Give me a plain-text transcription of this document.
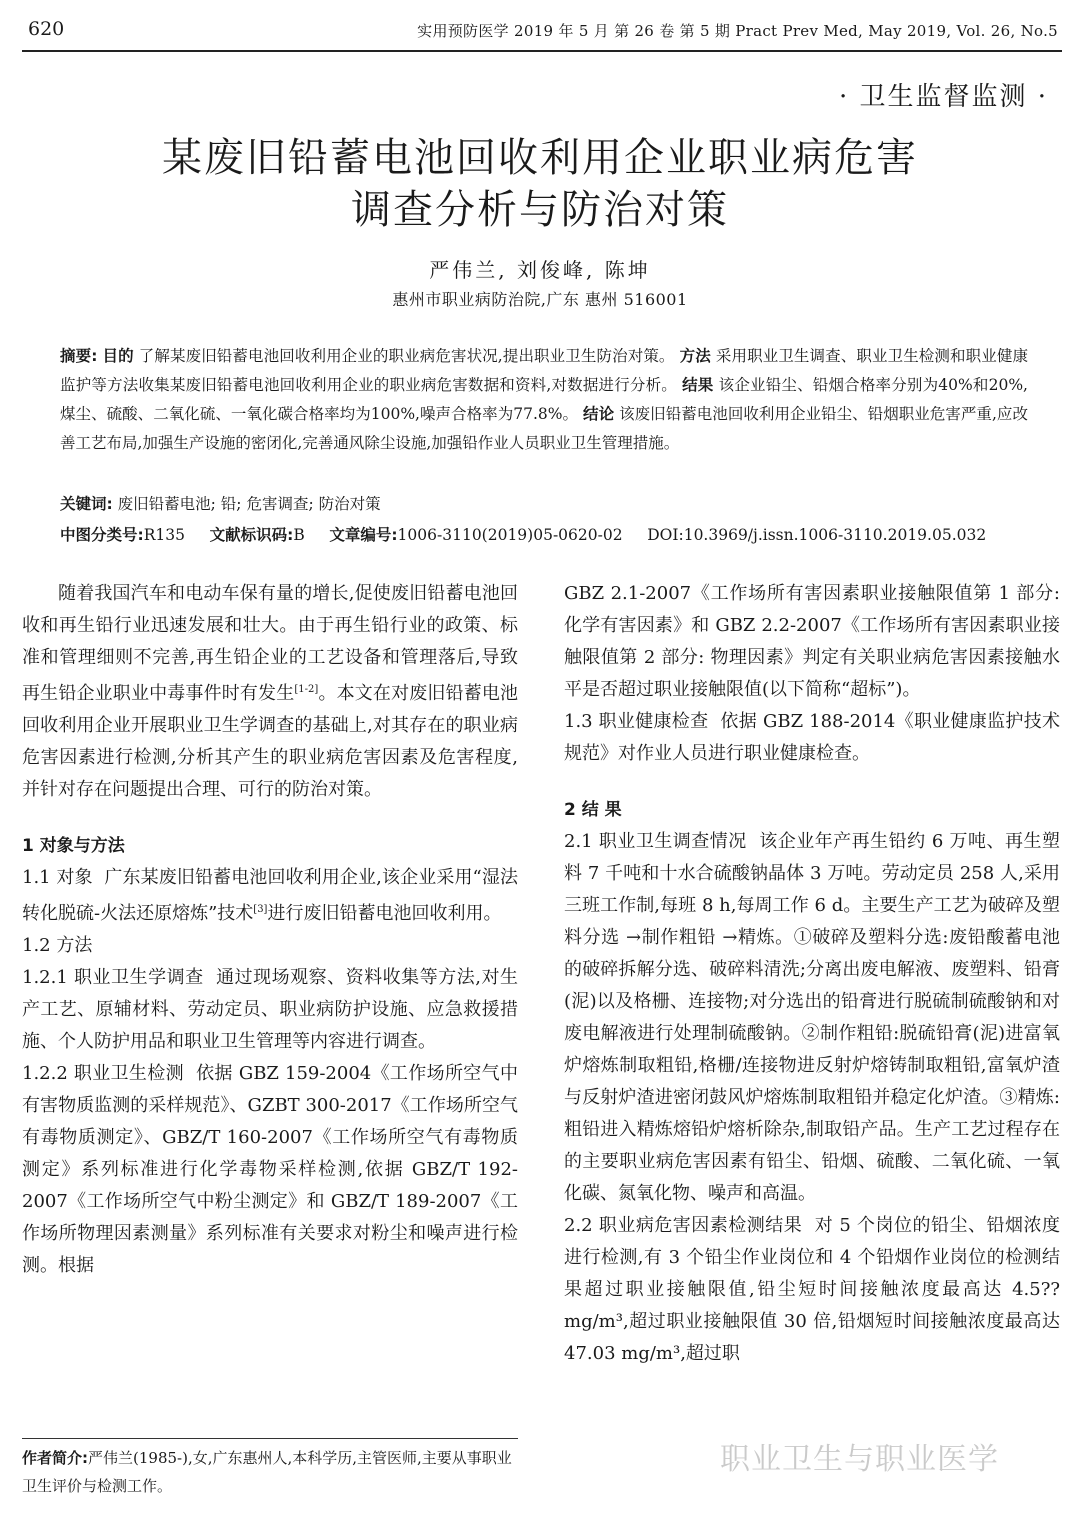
620	实用预防医学 2019 年 5 月 第 26 卷 第 5 期 Pract Prev Med, May 2019, Vol. 26, No.5
· 卫生监督监测 ·
某废旧铅蓄电池回收利用企业职业病危害
调查分析与防治对策
严伟兰, 刘俊峰, 陈坤
惠州市职业病防治院,广东 惠州 516001
摘要: 目的 了解某废旧铅蓄电池回收利用企业的职业病危害状况,提出职业卫生防治对策。 方法 采用职业卫生调查、职业卫生检测和职业健康监护等方法收集某废旧铅蓄电池回收利用企业的职业病危害数据和资料,对数据进行分析。 结果 该企业铅尘、铅烟合格率分别为40%和20%,煤尘、硫酸、二氧化硫、一氧化碳合格率均为100%,噪声合格率为77.8%。 结论 该废旧铅蓄电池回收利用企业铅尘、铅烟职业危害严重,应改善工艺布局,加强生产设施的密闭化,完善通风除尘设施,加强铅作业人员职业卫生管理措施。
关键词: 废旧铅蓄电池; 铅; 危害调查; 防治对策
中图分类号:R135 文献标识码:B 文章编号:1006-3110(2019)05-0620-02 DOI:10.3969/j.issn.1006-3110.2019.05.032

随着我国汽车和电动车保有量的增长,促使废旧铅蓄电池回收和再生铅行业迅速发展和壮大。由于再生铅行业的政策、标准和管理细则不完善,再生铅企业的工艺设备和管理落后,导致再生铅企业职业中毒事件时有发生[1-2]。本文在对废旧铅蓄电池回收利用企业开展职业卫生学调查的基础上,对其存在的职业病危害因素进行检测,分析其产生的职业病危害因素及危害程度,并针对存在问题提出合理、可行的防治对策。

1 对象与方法

1.1 对象 广东某废旧铅蓄电池回收利用企业,该企业采用“湿法转化脱硫-火法还原熔炼”技术[3]进行废旧铅蓄电池回收利用。

1.2 方法

1.2.1 职业卫生学调查 通过现场观察、资料收集等方法,对生产工艺、原辅材料、劳动定员、职业病防护设施、应急救援措施、个人防护用品和职业卫生管理等内容进行调查。

1.2.2 职业卫生检测 依据 GBZ 159-2004《工作场所空气中有害物质监测的采样规范》、GZBT 300-2017《工作场所空气有毒物质测定》、GBZ/T 160-2007《工作场所空气有毒物质测定》系列标准进行化学毒物采样检测,依据 GBZ/T 192-2007《工作场所空气中粉尘测定》和 GBZ/T 189-2007《工作场所物理因素测量》系列标准有关要求对粉尘和噪声进行检测。根据

GBZ 2.1-2007《工作场所有害因素职业接触限值第 1 部分: 化学有害因素》和 GBZ 2.2-2007《工作场所有害因素职业接触限值第 2 部分: 物理因素》判定有关职业病危害因素接触水平是否超过职业接触限值(以下简称“超标”)。

1.3 职业健康检查 依据 GBZ 188-2014《职业健康监护技术规范》对作业人员进行职业健康检查。

2 结 果

2.1 职业卫生调查情况 该企业年产再生铅约 6 万吨、再生塑料 7 千吨和十水合硫酸钠晶体 3 万吨。劳动定员 258 人,采用三班工作制,每班 8 h,每周工作 6 d。主要生产工艺为破碎及塑料分选 →制作粗铅 →精炼。①破碎及塑料分选:废铅酸蓄电池的破碎拆解分选、破碎料清洗;分离出废电解液、废塑料、铅膏(泥)以及格栅、连接物;对分选出的铅膏进行脱硫制硫酸钠和对废电解液进行处理制硫酸钠。②制作粗铅:脱硫铅膏(泥)进富氧炉熔炼制取粗铅,格栅/连接物进反射炉熔铸制取粗铅,富氧炉渣与反射炉渣进密闭鼓风炉熔炼制取粗铅并稳定化炉渣。③精炼:粗铅进入精炼熔铅炉熔析除杂,制取铅产品。生产工艺过程存在的主要职业病危害因素有铅尘、铅烟、硫酸、二氧化硫、一氧化碳、氮氧化物、噪声和高温。

2.2 职业病危害因素检测结果 对 5 个岗位的铅尘、铅烟浓度进行检测,有 3 个铅尘作业岗位和 4 个铅烟作业岗位的检测结果超过职业接触限值,铅尘短时间接触浓度最高达 4.5?? mg/m³,超过职业接触限值 30 倍,铅烟短时间接触浓度最高达 47.03 mg/m³,超过职

作者简介:严伟兰(1985-),女,广东惠州人,本科学历,主管医师,主要从事职业卫生评价与检测工作。
职业卫生与职业医学
